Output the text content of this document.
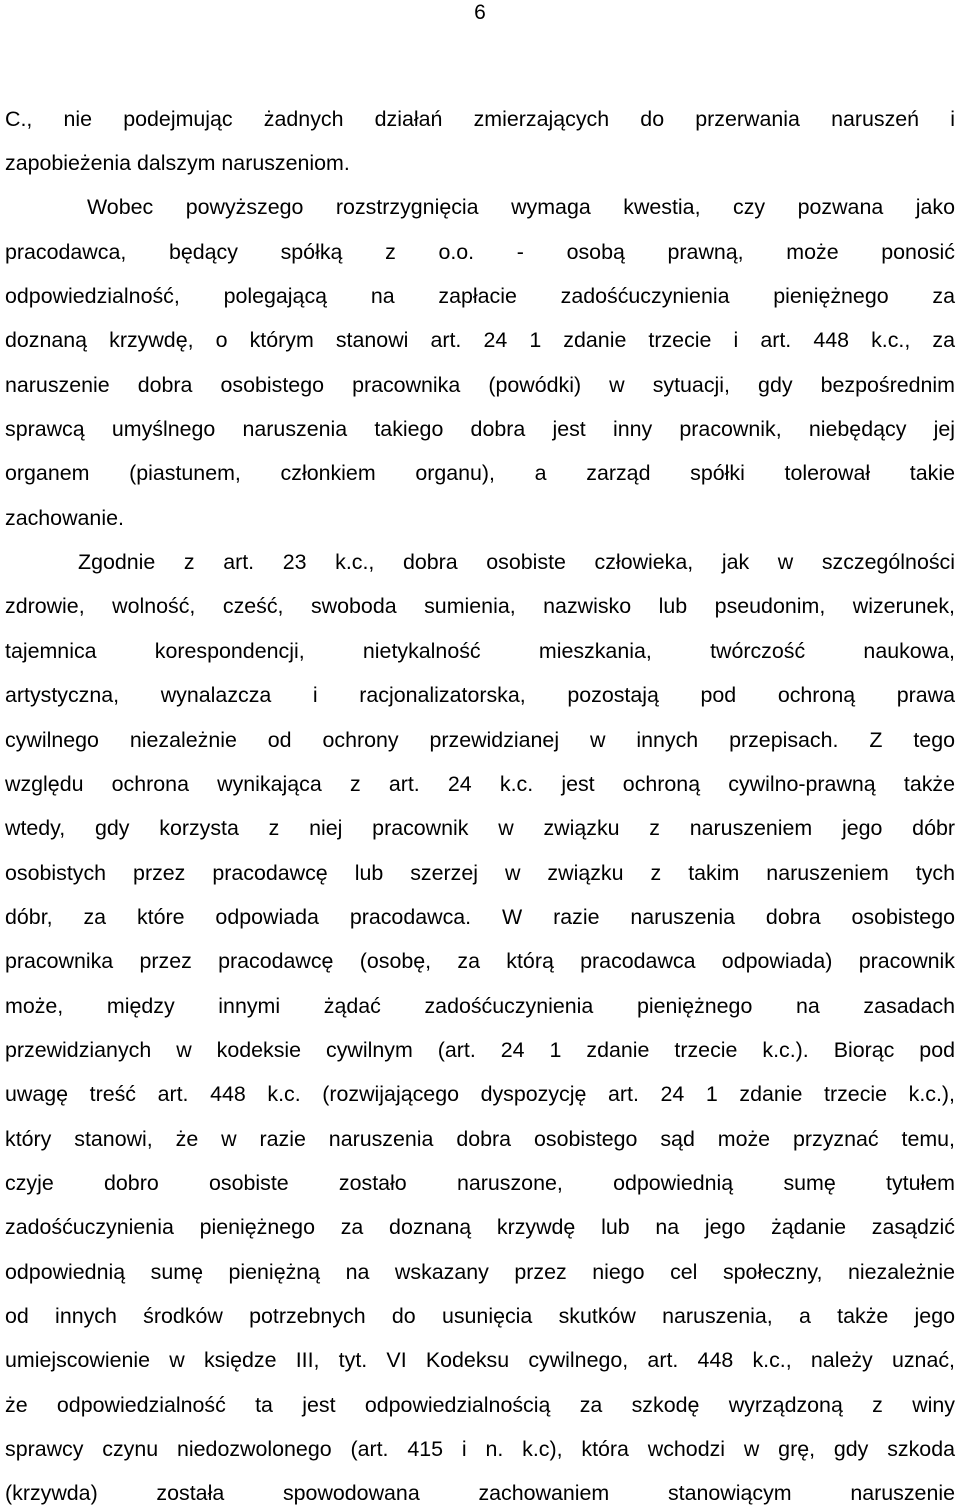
6
C., nie podejmując żadnych działań zmierzających do przerwania naruszeń i
zapobieżenia dalszym naruszeniom.
Wobec powyższego rozstrzygnięcia wymaga kwestia, czy pozwana jako
pracodawca, będący spółką z o.o. - osobą prawną, może ponosić
odpowiedzialność, polegającą na zapłacie zadośćuczynienia pieniężnego za
doznaną krzywdę, o którym stanowi art. 24 1 zdanie trzecie i art. 448 k.c., za
naruszenie dobra osobistego pracownika (powódki) w sytuacji, gdy bezpośrednim
sprawcą umyślnego naruszenia takiego dobra jest inny pracownik, niebędący jej
organem (piastunem, członkiem organu), a zarząd spółki tolerował takie
zachowanie.
Zgodnie z art. 23 k.c., dobra osobiste człowieka, jak w szczególności
zdrowie, wolność, cześć, swoboda sumienia, nazwisko lub pseudonim, wizerunek,
tajemnica korespondencji, nietykalność mieszkania, twórczość naukowa,
artystyczna, wynalazcza i racjonalizatorska, pozostają pod ochroną prawa
cywilnego niezależnie od ochrony przewidzianej w innych przepisach. Z tego
względu ochrona wynikająca z art. 24 k.c. jest ochroną cywilno-prawną także
wtedy, gdy korzysta z niej pracownik w związku z naruszeniem jego dóbr
osobistych przez pracodawcę lub szerzej w związku z takim naruszeniem tych
dóbr, za które odpowiada pracodawca. W razie naruszenia dobra osobistego
pracownika przez pracodawcę (osobę, za którą pracodawca odpowiada) pracownik
może, między innymi żądać zadośćuczynienia pieniężnego na zasadach
przewidzianych w kodeksie cywilnym (art. 24 1 zdanie trzecie k.c.). Biorąc pod
uwagę treść art. 448 k.c. (rozwijającego dyspozycję art. 24 1 zdanie trzecie k.c.),
który stanowi, że w razie naruszenia dobra osobistego sąd może przyznać temu,
czyje dobro osobiste zostało naruszone, odpowiednią sumę tytułem
zadośćuczynienia pieniężnego za doznaną krzywdę lub na jego żądanie zasądzić
odpowiednią sumę pieniężną na wskazany przez niego cel społeczny, niezależnie
od innych środków potrzebnych do usunięcia skutków naruszenia, a także jego
umiejscowienie w księdze III, tyt. VI Kodeksu cywilnego, art. 448 k.c., należy uznać,
że odpowiedzialność ta jest odpowiedzialnością za szkodę wyrządzoną z winy
sprawcy czynu niedozwolonego (art. 415 i n. k.c), która wchodzi w grę, gdy szkoda
(krzywda) została spowodowana zachowaniem stanowiącym naruszenie
